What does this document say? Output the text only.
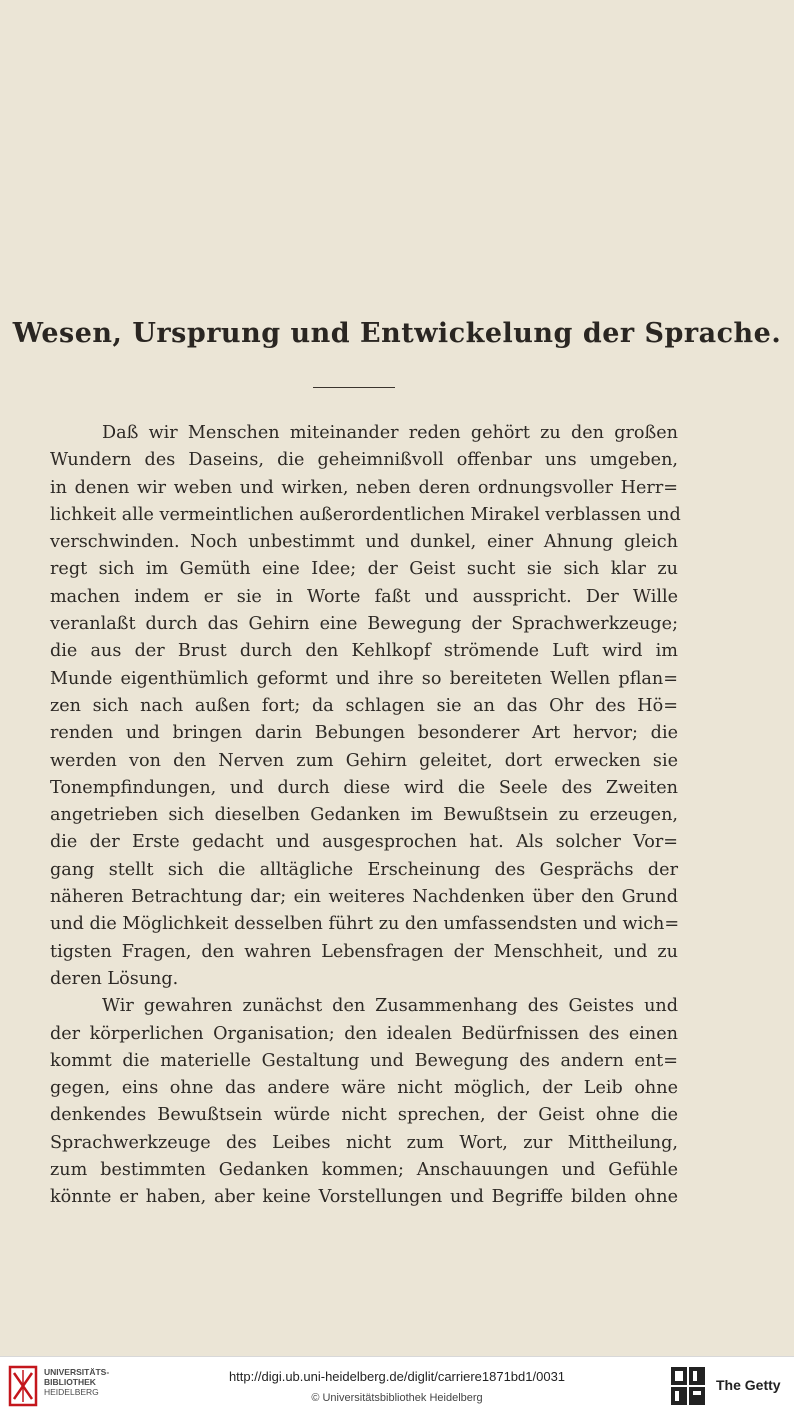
Wesen, Ursprung und Entwickelung der Sprache.
Daß wir Menschen miteinander reden gehört zu den großen
Wundern des Daseins, die geheimnißvoll offenbar uns umgeben,
in denen wir weben und wirken, neben deren ordnungsvoller Herr=
lichkeit alle vermeintlichen außerordentlichen Mirakel verblassen und
verschwinden. Noch unbestimmt und dunkel, einer Ahnung gleich
regt sich im Gemüth eine Idee; der Geist sucht sie sich klar zu
machen indem er sie in Worte faßt und ausspricht. Der Wille
veranlaßt durch das Gehirn eine Bewegung der Sprachwerkzeuge;
die aus der Brust durch den Kehlkopf strömende Luft wird im
Munde eigenthümlich geformt und ihre so bereiteten Wellen pflan=
zen sich nach außen fort; da schlagen sie an das Ohr des Hö=
renden und bringen darin Bebungen besonderer Art hervor; die
werden von den Nerven zum Gehirn geleitet, dort erwecken sie
Tonempfindungen, und durch diese wird die Seele des Zweiten
angetrieben sich dieselben Gedanken im Bewußtsein zu erzeugen,
die der Erste gedacht und ausgesprochen hat. Als solcher Vor=
gang stellt sich die alltägliche Erscheinung des Gesprächs der
näheren Betrachtung dar; ein weiteres Nachdenken über den Grund
und die Möglichkeit desselben führt zu den umfassendsten und wich=
tigsten Fragen, den wahren Lebensfragen der Menschheit, und zu
deren Lösung.
Wir gewahren zunächst den Zusammenhang des Geistes und
der körperlichen Organisation; den idealen Bedürfnissen des einen
kommt die materielle Gestaltung und Bewegung des andern ent=
gegen, eins ohne das andere wäre nicht möglich, der Leib ohne
denkendes Bewußtsein würde nicht sprechen, der Geist ohne die
Sprachwerkzeuge des Leibes nicht zum Wort, zur Mittheilung,
zum bestimmten Gedanken kommen; Anschauungen und Gefühle
könnte er haben, aber keine Vorstellungen und Begriffe bilden ohne
UNIVERSITÄTS-
BIBLIOTHEK
HEIDELBERG
http://digi.ub.uni-heidelberg.de/diglit/carriere1871bd1/0031
© Universitätsbibliothek Heidelberg
The Getty
